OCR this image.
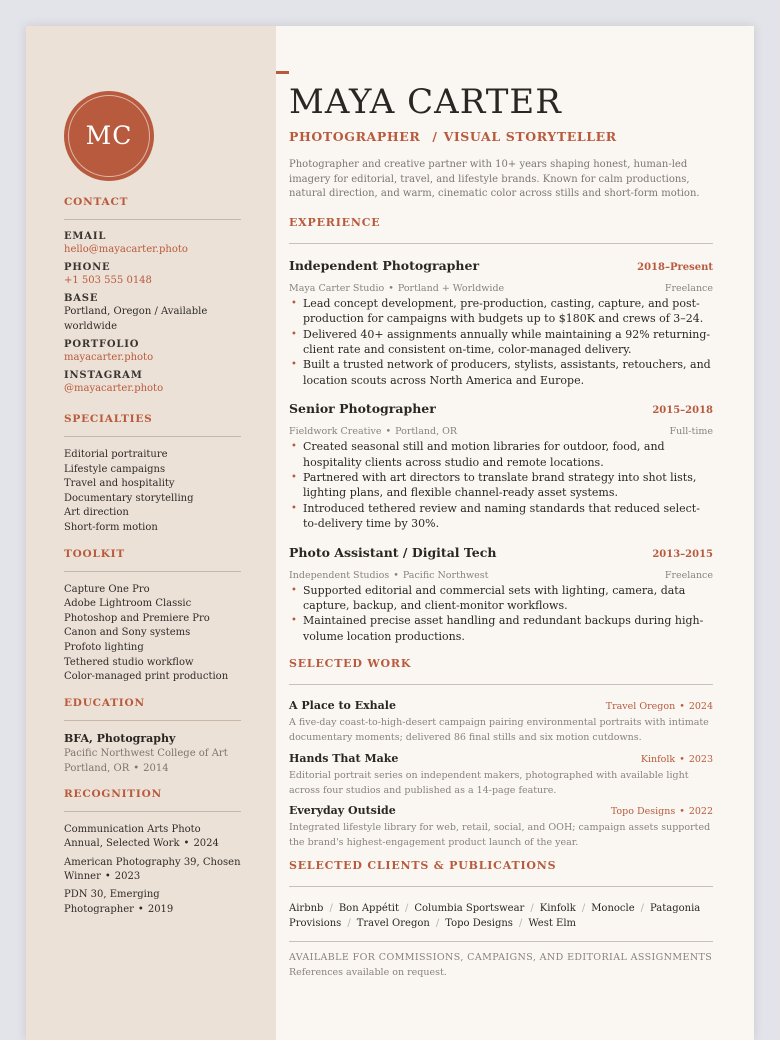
MC
CONTACT
EMAIL
hello@mayacarter.photo
PHONE
+1 503 555 0148
BASE
Portland, Oregon / Available worldwide
PORTFOLIO
mayacarter.photo
INSTAGRAM
@mayacarter.photo
SPECIALTIES
Editorial portraiture
Lifestyle campaigns
Travel and hospitality
Documentary storytelling
Art direction
Short-form motion
TOOLKIT
Capture One Pro
Adobe Lightroom Classic
Photoshop and Premiere Pro
Canon and Sony systems
Profoto lighting
Tethered studio workflow
Color-managed print production
EDUCATION
BFA, Photography
Pacific Northwest College of Art
Portland, OR • 2014
RECOGNITION
Communication Arts Photo Annual, Selected Work • 2024
American Photography 39, Chosen Winner • 2023
PDN 30, Emerging Photographer • 2019
MAYA CARTER
PHOTOGRAPHER / VISUAL STORYTELLER
Photographer and creative partner with 10+ years shaping honest, human-led imagery for editorial, travel, and lifestyle brands. Known for calm productions, natural direction, and warm, cinematic color across stills and short-form motion.
EXPERIENCE
Independent Photographer	2018–Present
Maya Carter Studio • Portland + Worldwide	Freelance
• Lead concept development, pre-production, casting, capture, and post-production for campaigns with budgets up to $180K and crews of 3–24.
• Delivered 40+ assignments annually while maintaining a 92% returning-client rate and consistent on-time, color-managed delivery.
• Built a trusted network of producers, stylists, assistants, retouchers, and location scouts across North America and Europe.
Senior Photographer	2015–2018
Fieldwork Creative • Portland, OR	Full-time
• Created seasonal still and motion libraries for outdoor, food, and hospitality clients across studio and remote locations.
• Partnered with art directors to translate brand strategy into shot lists, lighting plans, and flexible channel-ready asset systems.
• Introduced tethered review and naming standards that reduced select-to-delivery time by 30%.
Photo Assistant / Digital Tech	2013–2015
Independent Studios • Pacific Northwest	Freelance
• Supported editorial and commercial sets with lighting, camera, data capture, backup, and client-monitor workflows.
• Maintained precise asset handling and redundant backups during high-volume location productions.
SELECTED WORK
A Place to Exhale	Travel Oregon • 2024
A five-day coast-to-high-desert campaign pairing environmental portraits with intimate documentary moments; delivered 86 final stills and six motion cutdowns.
Hands That Make	Kinfolk • 2023
Editorial portrait series on independent makers, photographed with available light across four studios and published as a 14-page feature.
Everyday Outside	Topo Designs • 2022
Integrated lifestyle library for web, retail, social, and OOH; campaign assets supported the brand's highest-engagement product launch of the year.
SELECTED CLIENTS & PUBLICATIONS
Airbnb / Bon Appétit / Columbia Sportswear / Kinfolk / Monocle / Patagonia
Provisions / Travel Oregon / Topo Designs / West Elm
AVAILABLE FOR COMMISSIONS, CAMPAIGNS, AND EDITORIAL ASSIGNMENTS
References available on request.
